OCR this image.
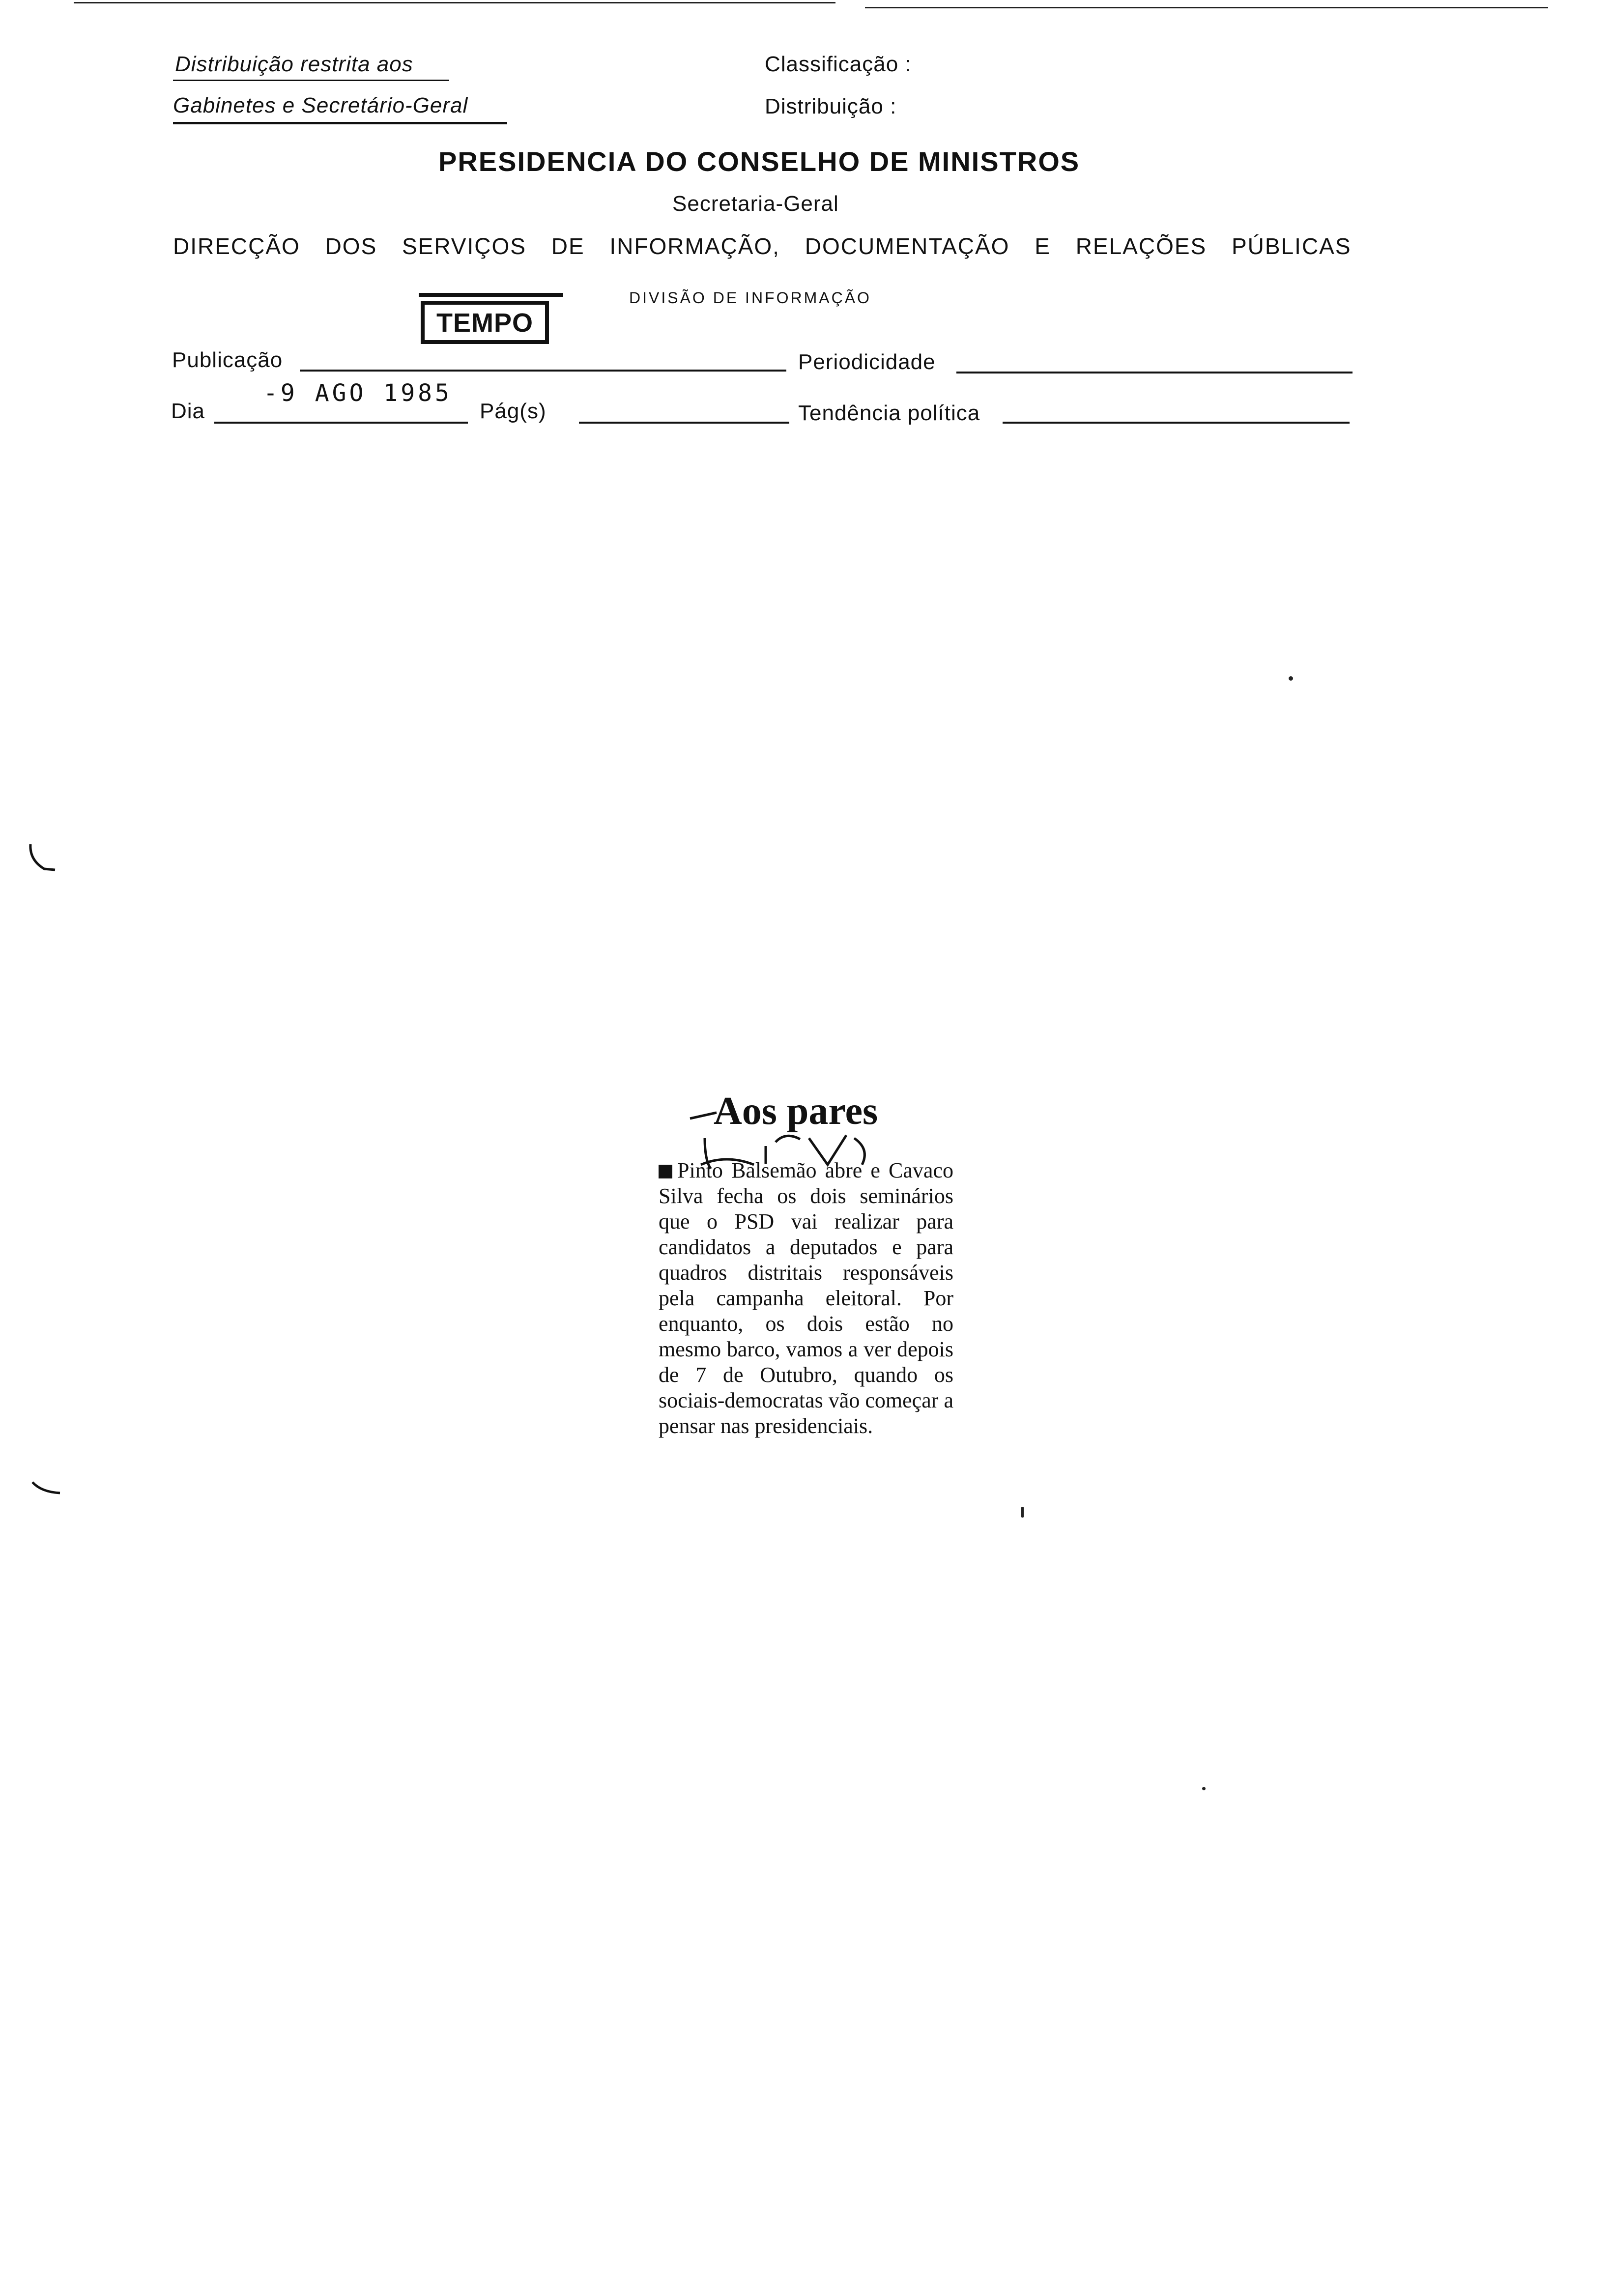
Distribuição restrita aos
Gabinetes e Secretário-Geral
Classificação :
Distribuição :
PRESIDENCIA DO CONSELHO DE MINISTROS
Secretaria-Geral
DIRECÇÃO DOS SERVIÇOS DE INFORMAÇÃO, DOCUMENTAÇÃO E RELAÇÕES PÚBLICAS
DIVISÃO DE INFORMAÇÃO
TEMPO
Publicação	Periodicidade
Dia
-9 AGO 1985
Pág(s)	Tendência política
Aos pares
Pinto Balsemão abre e Cavaco Silva fecha os dois seminários que o PSD vai realizar para candidatos a deputados e para quadros distritais responsáveis pela campanha eleitoral. Por enquanto, os dois estão no mesmo barco, vamos a ver depois de 7 de Outubro, quando os sociais-democratas vão começar a pensar nas presidenciais.
